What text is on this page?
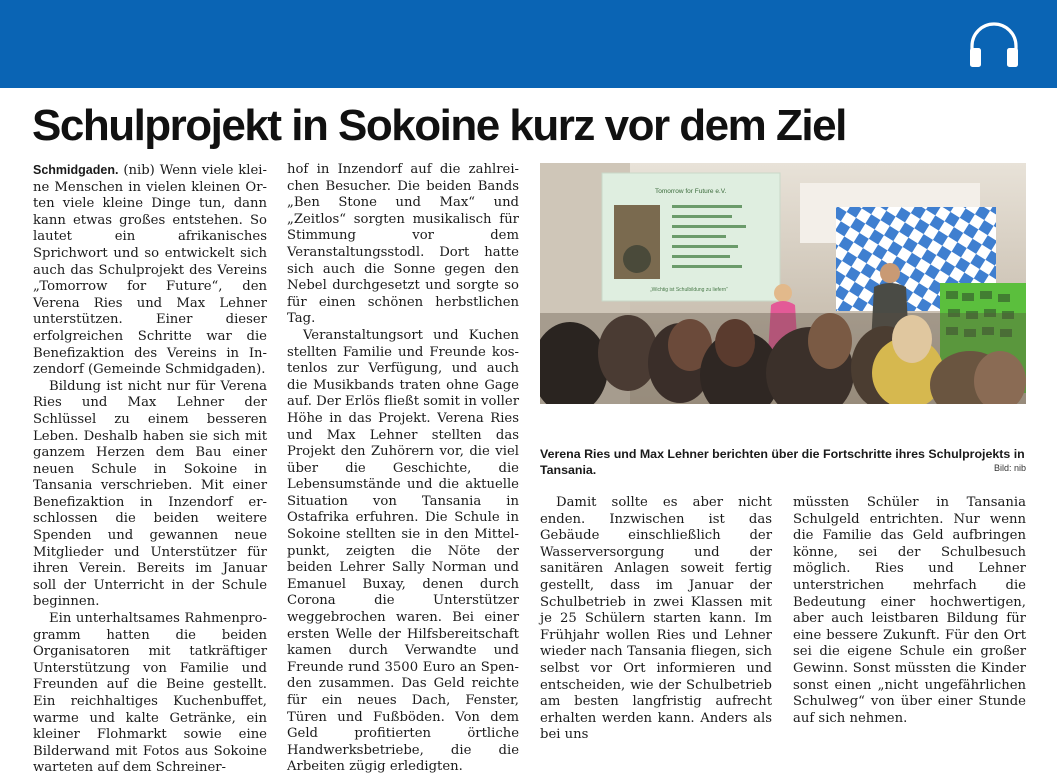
Schulprojekt in Sokoine kurz vor dem Ziel

Schmidgaden. (nib) Wenn viele kleine Menschen in vielen kleinen Orten viele kleine Dinge tun, dann kann etwas großes entstehen. So lautet ein afrikanisches Sprichwort und so entwickelt sich auch das Schulprojekt des Vereins „Tomorrow for Future“, den Verena Ries und Max Lehner unterstützen. Einer dieser erfolgreichen Schritte war die Benefizaktion des Vereins in Inzendorf (Gemeinde Schmidgaden).

Bildung ist nicht nur für Verena Ries und Max Lehner der Schlüssel zu einem besseren Leben. Deshalb haben sie sich mit ganzem Herzen dem Bau einer neuen Schule in Sokoine in Tansania verschrieben. Mit einer Benefizaktion in Inzendorf erschlossen die beiden weitere Spenden und gewannen neue Mitglieder und Unterstützer für ihren Verein. Bereits im Januar soll der Unterricht in der Schule beginnen.

Ein unterhaltsames Rahmenprogramm hatten die beiden Organisatoren mit tatkräftiger Unterstützung von Familie und Freunden auf die Beine gestellt. Ein reichhaltiges Kuchenbuffet, warme und kalte Getränke, ein kleiner Flohmarkt sowie eine Bilderwand mit Fotos aus Sokoine warteten auf dem Schreiner-

hof in Inzendorf auf die zahlreichen Besucher. Die beiden Bands „Ben Stone und Max“ und „Zeitlos“ sorgten musikalisch für Stimmung vor dem Veranstaltungsstodl. Dort hatte sich auch die Sonne gegen den Nebel durchgesetzt und sorgte so für einen schönen herbstlichen Tag.

Veranstaltungsort und Kuchen stellten Familie und Freunde kostenlos zur Verfügung, und auch die Musikbands traten ohne Gage auf. Der Erlös fließt somit in voller Höhe in das Projekt. Verena Ries und Max Lehner stellten das Projekt den Zuhörern vor, die viel über die Geschichte, die Lebensumstände und die aktuelle Situation von Tansania in Ostafrika erfuhren. Die Schule in Sokoine stellten sie in den Mittelpunkt, zeigten die Nöte der beiden Lehrer Sally Norman und Emanuel Buxay, denen durch Corona die Unterstützer weggebrochen waren. Bei einer ersten Welle der Hilfsbereitschaft kamen durch Verwandte und Freunde rund 3500 Euro an Spenden zusammen. Das Geld reichte für ein neues Dach, Fenster, Türen und Fußböden. Von dem Geld profitierten örtliche Handwerksbetriebe, die die Arbeiten zügig erledigten.

Tomorrow for Future e.V.
„Wichtig ist Schulbildung zu liefern“
Verena Ries und Max Lehner berichten über die Fortschritte ihres Schulprojekts in Tansania.	Bild: nib

Damit sollte es aber nicht enden. Inzwischen ist das Gebäude einschließlich der Wasserversorgung und der sanitären Anlagen soweit fertig gestellt, dass im Januar der Schulbetrieb in zwei Klassen mit je 25 Schülern starten kann. Im Frühjahr wollen Ries und Lehner wieder nach Tansania fliegen, sich selbst vor Ort informieren und entscheiden, wie der Schulbetrieb am besten langfristig aufrecht erhalten werden kann. Anders als bei uns

müssten Schüler in Tansania Schulgeld entrichten. Nur wenn die Familie das Geld aufbringen könne, sei der Schulbesuch möglich. Ries und Lehner unterstrichen mehrfach die Bedeutung einer hochwertigen, aber auch leistbaren Bildung für eine bessere Zukunft. Für den Ort sei die eigene Schule ein großer Gewinn. Sonst müssten die Kinder sonst einen „nicht ungefährlichen Schulweg“ von über einer Stunde auf sich nehmen.
